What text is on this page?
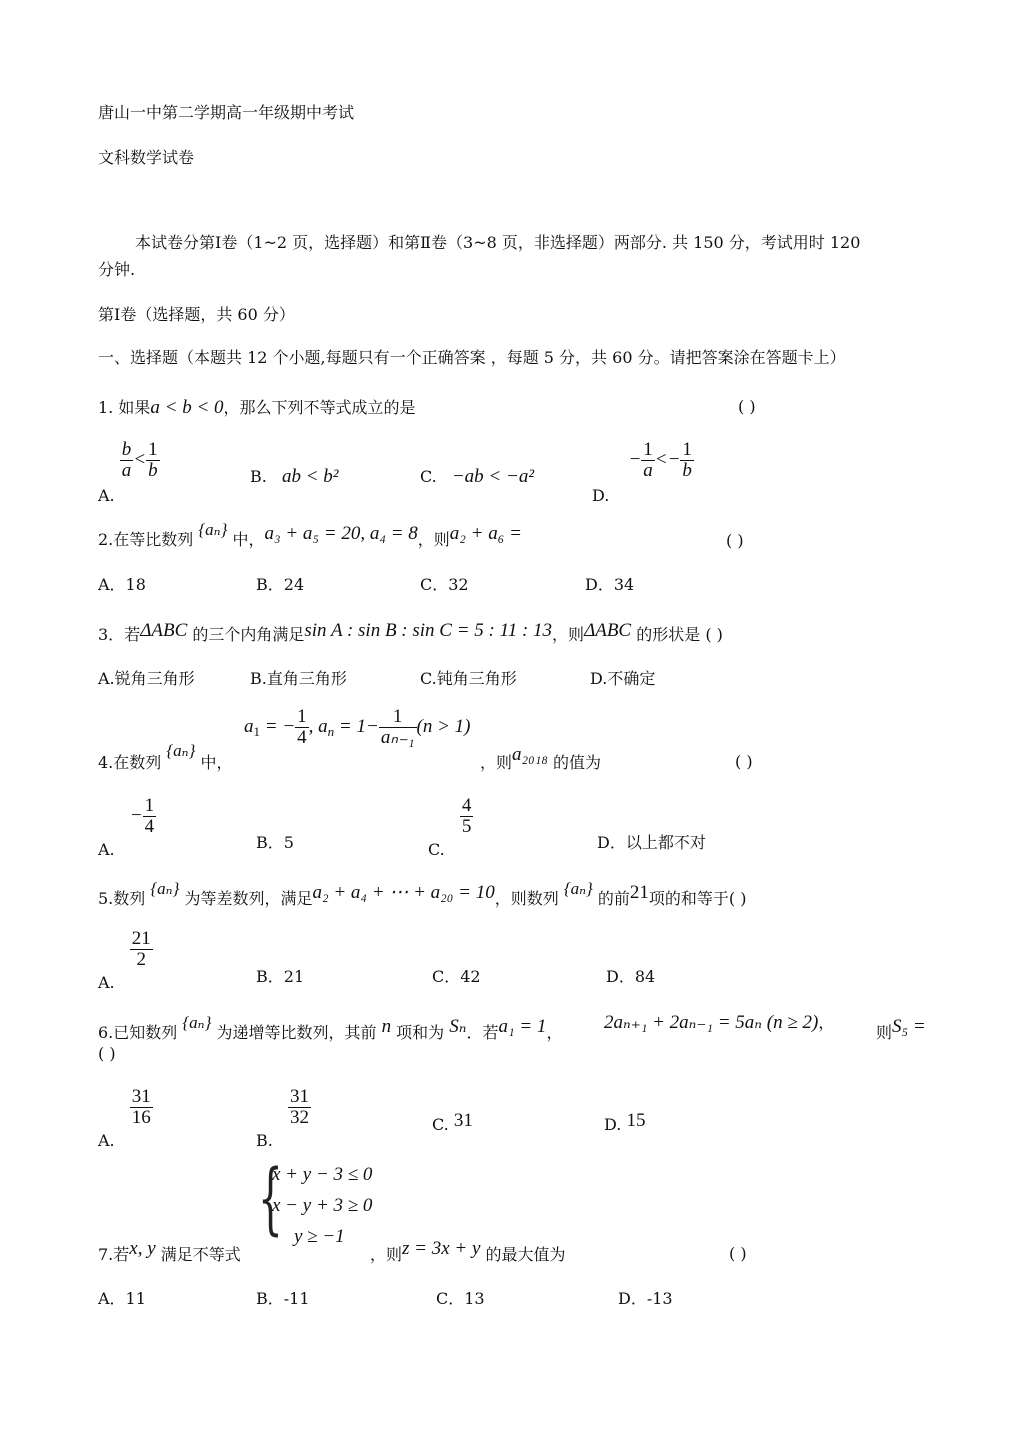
唐山一中第二学期高一年级期中考试
文科数学试卷
本试卷分第Ⅰ卷（1~2 页，选择题）和第Ⅱ卷（3~8 页，非选择题）两部分. 共 150 分，考试用时 120
分钟.
第Ⅰ卷（选择题，共 60 分）
一、选择题（本题共 12 个小题,每题只有一个正确答案 ，每题 5 分，共 60 分。请把答案涂在答题卡上）
1. 如果a < b < 0，那么下列不等式成立的是	( )
A.
$\frac{b}{a} < \frac{1}{b}$	B. ab < b²	C. −ab < −a²
D. − $\frac{1}{a} <- \frac{1}{b}$
2.在等比数列 {aₙ} 中，a₃ + a₅ = 20, a₄ = 8，则a₂ + a₆ =	( )
A．18	B．24	C．32	D．34
3．若ΔABC 的三个内角满足sin A : sin B : sin C = 5 : 11 : 13，则ΔABC 的形状是 ( )
A.锐角三角形	B.直角三角形	C.钝角三角形	D.不确定
4.在数列 {aₙ} 中，
$a_1$ = − $\frac{1}{4}$ , $a_n = 1- \frac{1}{\text{aₙ₋₁}} (n > 1)$
，则a₂₀₁₈ 的值为	( )
A. − $\frac{1}{4}$
B．5	C.
$\frac{4}{5}$
D．以上都不对
5.数列 {aₙ} 为等差数列，满足a₂ + a₄ + ⋯ + a₂₀ = 10，则数列 {aₙ} 的前21项的和等于( )
A.
$\frac{21}{2}$
B．21	C．42	D．84
6.已知数列 {aₙ} 为递增等比数列，其前 n 项和为 Sₙ．若a₁ = 1， 2aₙ₊₁ + 2aₙ₋₁ = 5aₙ (n ≥ 2)，
则S₅ =
( )
A.
$\frac{31}{16}$
B.
$\frac{31}{32}$	C. 31	D. 15
7.若x, y 满足不等式
{
x + y − 3 ≤ 0
x − y + 3 ≥ 0
y ≥ −1
，则z = 3x + y 的最大值为	( )
A．11	B．-11	C．13	D．-13
